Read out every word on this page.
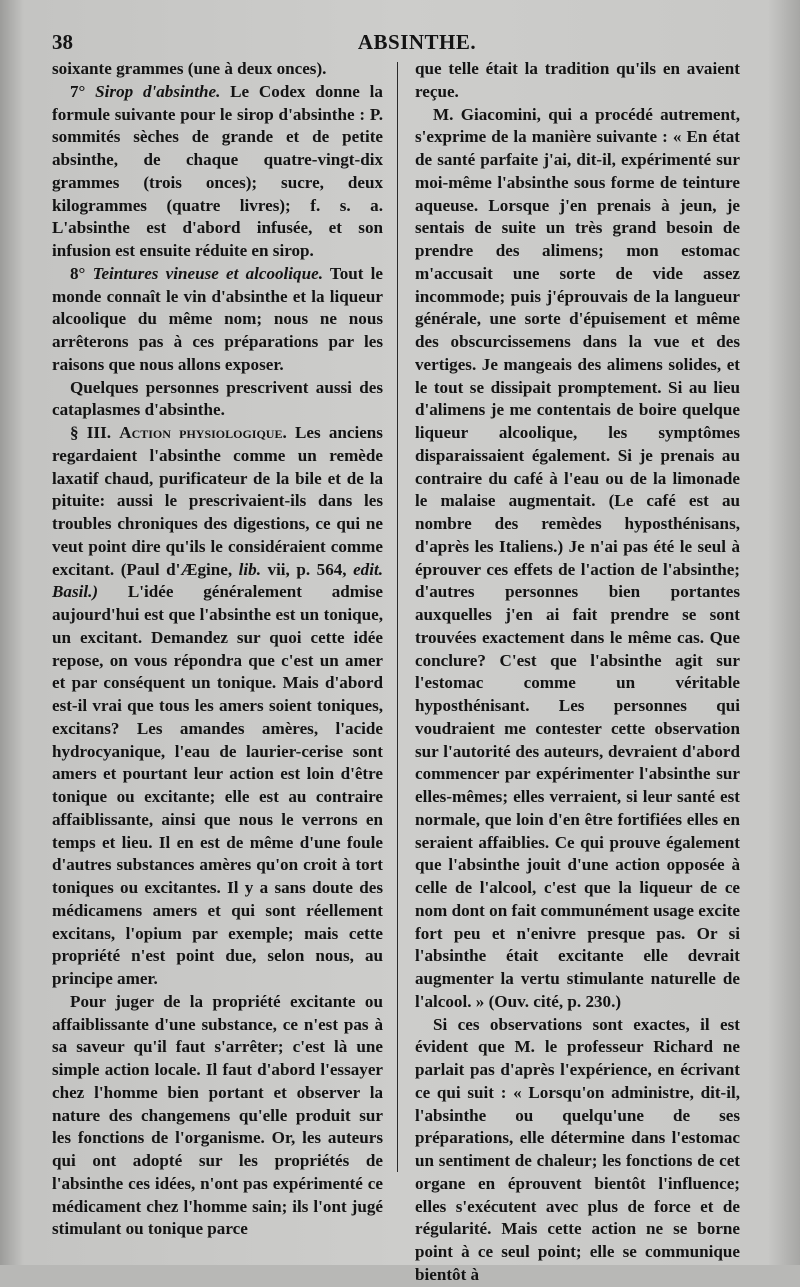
38	ABSINTHE.

soixante grammes (une à deux onces).

7° Sirop d'absinthe. Le Codex donne la formule suivante pour le sirop d'absinthe : P. sommités sèches de grande et de petite absinthe, de chaque quatre-vingt-dix grammes (trois onces); sucre, deux kilogrammes (quatre livres); f. s. a. L'absinthe est d'abord infusée, et son infusion est ensuite réduite en sirop.

8° Teintures vineuse et alcoolique. Tout le monde connaît le vin d'absinthe et la liqueur alcoolique du même nom; nous ne nous arrêterons pas à ces préparations par les raisons que nous allons exposer.

Quelques personnes prescrivent aussi des cataplasmes d'absinthe.

§ III. Action physiologique. Les anciens regardaient l'absinthe comme un remède laxatif chaud, purificateur de la bile et de la pituite: aussi le prescrivaient-ils dans les troubles chroniques des digestions, ce qui ne veut point dire qu'ils le considéraient comme excitant. (Paul d'Ægine, lib. vii, p. 564, edit. Basil.) L'idée généralement admise aujourd'hui est que l'absinthe est un tonique, un excitant. Demandez sur quoi cette idée repose, on vous répondra que c'est un amer et par conséquent un tonique. Mais d'abord est-il vrai que tous les amers soient toniques, excitans? Les amandes amères, l'acide hydrocyanique, l'eau de laurier-cerise sont amers et pourtant leur action est loin d'être tonique ou excitante; elle est au contraire affaiblissante, ainsi que nous le verrons en temps et lieu. Il en est de même d'une foule d'autres substances amères qu'on croit à tort toniques ou excitantes. Il y a sans doute des médicamens amers et qui sont réellement excitans, l'opium par exemple; mais cette propriété n'est point due, selon nous, au principe amer.

Pour juger de la propriété excitante ou affaiblissante d'une substance, ce n'est pas à sa saveur qu'il faut s'arrêter; c'est là une simple action locale. Il faut d'abord l'essayer chez l'homme bien portant et observer la nature des changemens qu'elle produit sur les fonctions de l'organisme. Or, les auteurs qui ont adopté sur les propriétés de l'absinthe ces idées, n'ont pas expérimenté ce médicament chez l'homme sain; ils l'ont jugé stimulant ou tonique parce

que telle était la tradition qu'ils en avaient reçue.

M. Giacomini, qui a procédé autrement, s'exprime de la manière suivante : « En état de santé parfaite j'ai, dit-il, expérimenté sur moi-même l'absinthe sous forme de teinture aqueuse. Lorsque j'en prenais à jeun, je sentais de suite un très grand besoin de prendre des alimens; mon estomac m'accusait une sorte de vide assez incommode; puis j'éprouvais de la langueur générale, une sorte d'épuisement et même des obscurcissemens dans la vue et des vertiges. Je mangeais des alimens solides, et le tout se dissipait promptement. Si au lieu d'alimens je me contentais de boire quelque liqueur alcoolique, les symptômes disparaissaient également. Si je prenais au contraire du café à l'eau ou de la limonade le malaise augmentait. (Le café est au nombre des remèdes hyposthénisans, d'après les Italiens.) Je n'ai pas été le seul à éprouver ces effets de l'action de l'absinthe; d'autres personnes bien portantes auxquelles j'en ai fait prendre se sont trouvées exactement dans le même cas. Que conclure? C'est que l'absinthe agit sur l'estomac comme un véritable hyposthénisant. Les personnes qui voudraient me contester cette observation sur l'autorité des auteurs, devraient d'abord commencer par expérimenter l'absinthe sur elles-mêmes; elles verraient, si leur santé est normale, que loin d'en être fortifiées elles en seraient affaiblies. Ce qui prouve également que l'absinthe jouit d'une action opposée à celle de l'alcool, c'est que la liqueur de ce nom dont on fait communément usage excite fort peu et n'enivre presque pas. Or si l'absinthe était excitante elle devrait augmenter la vertu stimulante naturelle de l'alcool. » (Ouv. cité, p. 230.)

Si ces observations sont exactes, il est évident que M. le professeur Richard ne parlait pas d'après l'expérience, en écrivant ce qui suit : « Lorsqu'on administre, dit-il, l'absinthe ou quelqu'une de ses préparations, elle détermine dans l'estomac un sentiment de chaleur; les fonctions de cet organe en éprouvent bientôt l'influence; elles s'exécutent avec plus de force et de régularité. Mais cette action ne se borne point à ce seul point; elle se communique bientôt à
